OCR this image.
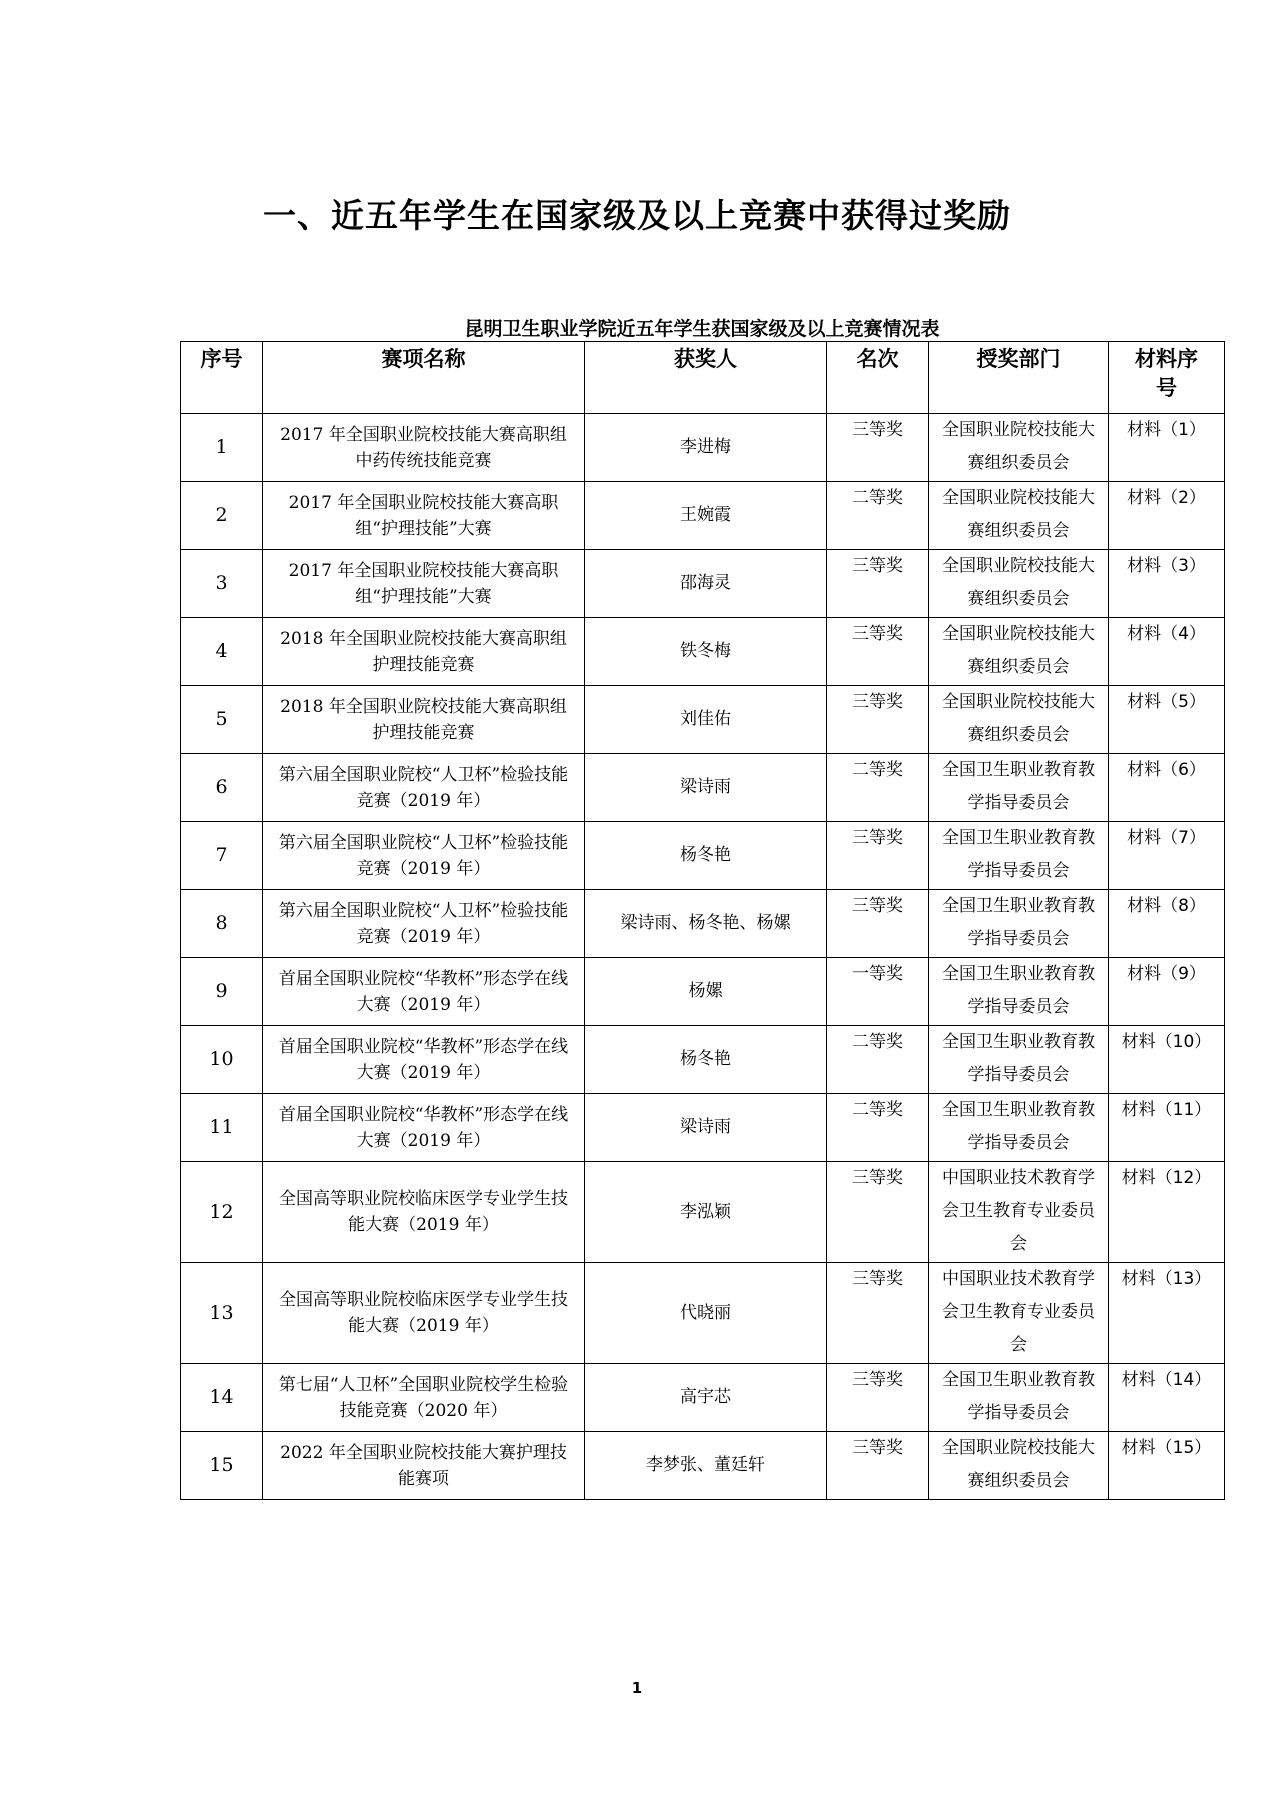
一、近五年学生在国家级及以上竞赛中获得过奖励
昆明卫生职业学院近五年学生获国家级及以上竞赛情况表
序号	赛项名称	获奖人	名次	授奖部门	材料序号
1	2017 年全国职业院校技能大赛高职组中药传统技能竞赛	李进梅	三等奖	全国职业院校技能大赛组织委员会	材料（1）
2	2017 年全国职业院校技能大赛高职组“护理技能”大赛	王婉霞	二等奖	全国职业院校技能大赛组织委员会	材料（2）
3	2017 年全国职业院校技能大赛高职组“护理技能”大赛	邵海灵	三等奖	全国职业院校技能大赛组织委员会	材料（3）
4	2018 年全国职业院校技能大赛高职组护理技能竞赛	铁冬梅	三等奖	全国职业院校技能大赛组织委员会	材料（4）
5	2018 年全国职业院校技能大赛高职组护理技能竞赛	刘佳佑	三等奖	全国职业院校技能大赛组织委员会	材料（5）
6	第六届全国职业院校“人卫杯”检验技能竞赛（2019 年）	梁诗雨	二等奖	全国卫生职业教育教学指导委员会	材料（6）
7	第六届全国职业院校“人卫杯”检验技能竞赛（2019 年）	杨冬艳	三等奖	全国卫生职业教育教学指导委员会	材料（7）
8	第六届全国职业院校“人卫杯”检验技能竞赛（2019 年）	梁诗雨、杨冬艳、杨嫘	三等奖	全国卫生职业教育教学指导委员会	材料（8）
9	首届全国职业院校“华教杯”形态学在线大赛（2019 年）	杨嫘	一等奖	全国卫生职业教育教学指导委员会	材料（9）
10	首届全国职业院校“华教杯”形态学在线大赛（2019 年）	杨冬艳	二等奖	全国卫生职业教育教学指导委员会	材料（10）
11	首届全国职业院校“华教杯”形态学在线大赛（2019 年）	梁诗雨	二等奖	全国卫生职业教育教学指导委员会	材料（11）
12	全国高等职业院校临床医学专业学生技能大赛（2019 年）	李泓颖	三等奖	中国职业技术教育学会卫生教育专业委员会	材料（12）
13	全国高等职业院校临床医学专业学生技能大赛（2019 年）	代晓丽	三等奖	中国职业技术教育学会卫生教育专业委员会	材料（13）
14	第七届“人卫杯”全国职业院校学生检验技能竞赛（2020 年）	高宇芯	三等奖	全国卫生职业教育教学指导委员会	材料（14）
15	2022 年全国职业院校技能大赛护理技能赛项	李梦张、董廷轩	三等奖	全国职业院校技能大赛组织委员会	材料（15）
1
